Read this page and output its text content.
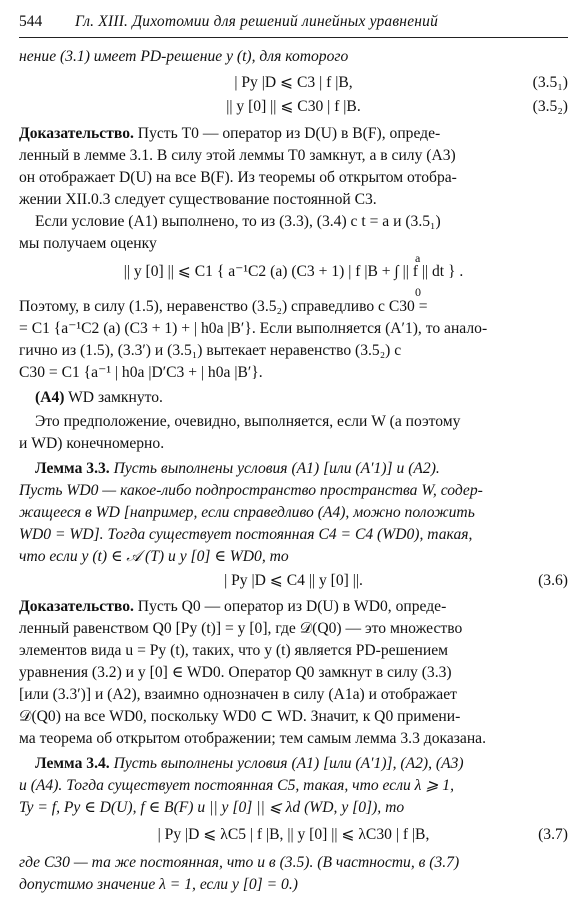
544 Гл. XIII. Дихотомии для решений линейных уравнений
нение (3.1) имеет PD-решение y (t), для которого
| Py |D ⩽ C3 | f |B,	(3.5₁)
|| y [0] || ⩽ C30 | f |B.	(3.5₂)
Доказательство. Пусть T0 — оператор из D(U) в B(F), опреде-
ленный в лемме 3.1. В силу этой леммы T0 замкнут, а в силу (A3)
он отображает D(U) на все B(F). Из теоремы об открытом отобра-
жении XII.0.3 следует существование постоянной C3.
Если условие (A1) выполнено, то из (3.3), (3.4) с t = a и (3.5₁)
мы получаем оценку
|| y [0] || ⩽ C1 { a⁻¹C2 (a) (C3 + 1) | f |B + ∫ || f || dt } .
a
0
Поэтому, в силу (1.5), неравенство (3.5₂) справедливо с C30 =
= C1 {a⁻¹C2 (a) (C3 + 1) + | h0a |B′}. Если выполняется (A′1), то анало-
гично из (1.5), (3.3′) и (3.5₁) вытекает неравенство (3.5₂) с
C30 = C1 {a⁻¹ | h0a |D′C3 + | h0a |B′}.
(A4) WD замкнуто.
Это предположение, очевидно, выполняется, если W (а поэтому
и WD) конечномерно.
Лемма 3.3. Пусть выполнены условия (A1) [или (A′1)] и (A2).
Пусть WD0 — какое-либо подпространство пространства W, содер-
жащееся в WD [например, если справедливо (A4), можно положить
WD0 = WD]. Тогда существует постоянная C4 = C4 (WD0), такая,
что если y (t) ∈ 𝒜 (T) и y [0] ∈ WD0, то
| Py |D ⩽ C4 || y [0] ||.	(3.6)
Доказательство. Пусть Q0 — оператор из D(U) в WD0, опреде-
ленный равенством Q0 [Py (t)] = y [0], где 𝒟(Q0) — это множество
элементов вида u = Py (t), таких, что y (t) является PD-решением
уравнения (3.2) и y [0] ∈ WD0. Оператор Q0 замкнут в силу (3.3)
[или (3.3′)] и (A2), взаимно однозначен в силу (A1a) и отображает
𝒟(Q0) на все WD0, поскольку WD0 ⊂ WD. Значит, к Q0 примени-
ма теорема об открытом отображении; тем самым лемма 3.3 доказана.
Лемма 3.4. Пусть выполнены условия (A1) [или (A′1)], (A2), (A3)
и (A4). Тогда существует постоянная C5, такая, что если λ ⩾ 1,
Ty = f, Py ∈ D(U), f ∈ B(F) и || y [0] || ⩽ λd (WD, y [0]), то
| Py |D ⩽ λC5 | f |B, || y [0] || ⩽ λC30 | f |B,	(3.7)
где C30 — та же постоянная, что и в (3.5). (В частности, в (3.7)
допустимо значение λ = 1, если y [0] = 0.)
